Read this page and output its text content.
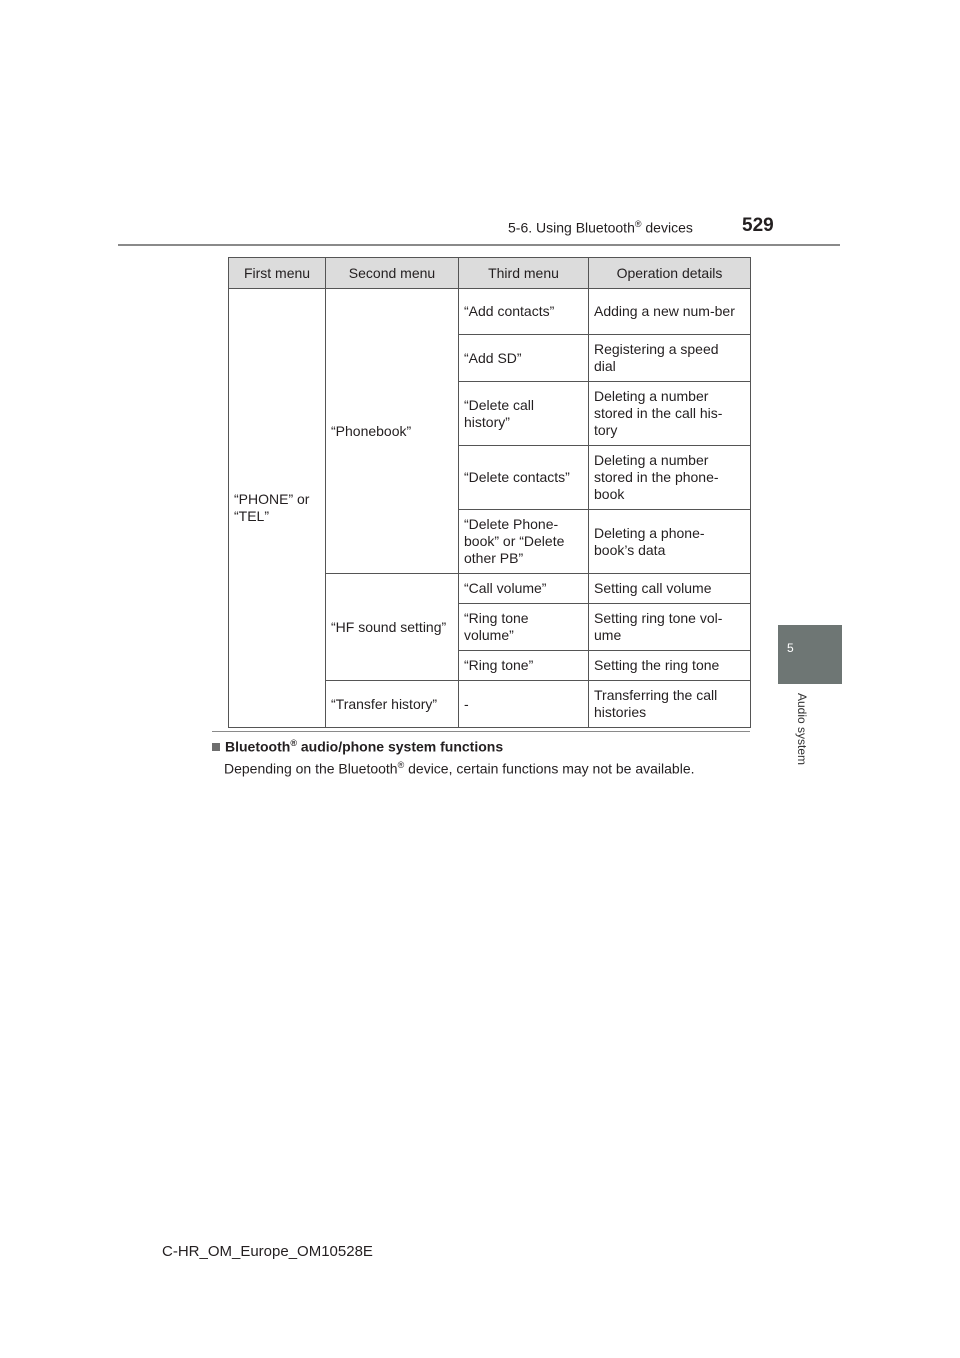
5-6. Using Bluetooth® devices	529
5
Audio system
First menu	Second menu	Third menu	Operation details
“PHONE” or “TEL”	“Phonebook”	“Add contacts”	Adding a new num-ber
		“Add SD”	Registering a speed dial
		“Delete call history”	Deleting a number stored in the call his-tory
		“Delete contacts”	Deleting a number stored in the phone-book
		“Delete Phone-book” or “Delete other PB”	Deleting a phone-book’s data
	“HF sound setting”	“Call volume”	Setting call volume
		“Ring tone volume”	Setting ring tone vol-ume
		“Ring tone”	Setting the ring tone
	“Transfer history”	-	Transferring the call histories
Bluetooth® audio/phone system functions
Depending on the Bluetooth® device, certain functions may not be available.
C-HR_OM_Europe_OM10528E
